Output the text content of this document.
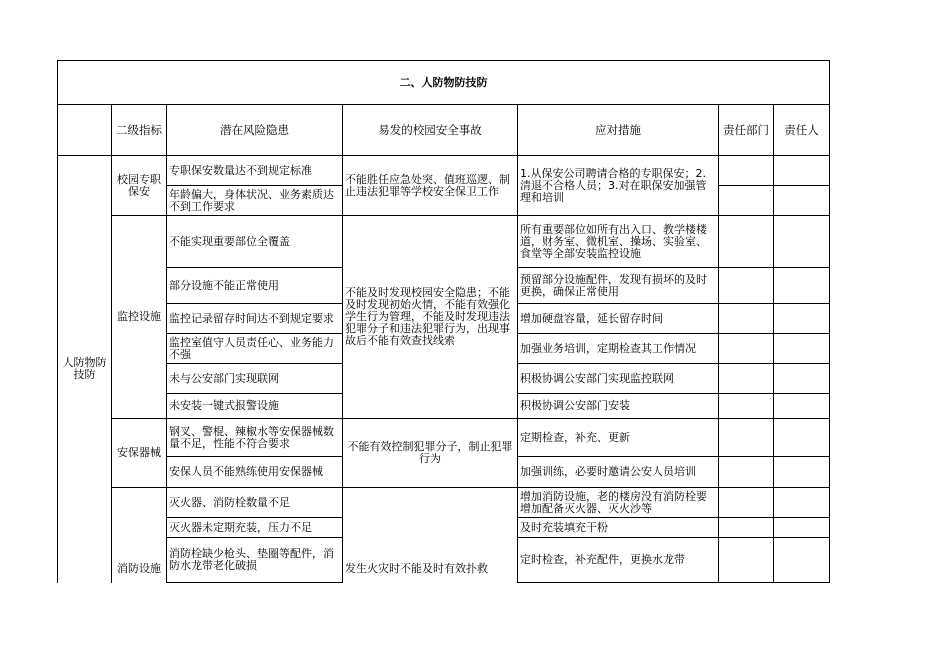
二、人防物防技防						
	二级指标	潜在风险隐患	易发的校园安全事故	应对措施	责任部门	责任人
人防物防技防	校园专职保安	专职保安数量达不到规定标准	不能胜任应急处突、值班巡逻、制止违法犯罪等学校安全保卫工作	1.从保安公司聘请合格的专职保安；2.清退不合格人员；3.对在职保安加强管理和培训		
		年龄偏大，身体状况、业务素质达不到工作要求				
	监控设施	不能实现重要部位全覆盖	不能及时发现校园安全隐患；不能及时发现初始火情，不能有效强化学生行为管理，不能及时发现违法犯罪分子和违法犯罪行为，出现事故后不能有效查找线索	所有重要部位如所有出入口、教学楼楼道，财务室、微机室、操场、实验室、食堂等全部安装监控设施		
		部分设施不能正常使用		预留部分设施配件，发现有损坏的及时更换，确保正常使用		
		监控记录留存时间达不到规定要求		增加硬盘容量，延长留存时间		
		监控室值守人员责任心、业务能力不强		加强业务培训，定期检查其工作情况		
		未与公安部门实现联网		积极协调公安部门实现监控联网		
		未安装一键式报警设施		积极协调公安部门安装		
	安保器械	钢叉、警棍、辣椒水等安保器械数量不足，性能不符合要求	不能有效控制犯罪分子，制止犯罪行为	定期检查，补充、更新		
		安保人员不能熟练使用安保器械		加强训练，必要时邀请公安人员培训		
	消防设施	灭火器、消防栓数量不足	发生火灾时不能及时有效扑救	增加消防设施，老的楼房没有消防栓要增加配备灭火器、灭火沙等		
		灭火器未定期充装，压力不足		及时充装填充干粉		
		消防栓缺少枪头、垫圈等配件，消防水龙带老化破损		定时检查，补充配件，更换水龙带		
